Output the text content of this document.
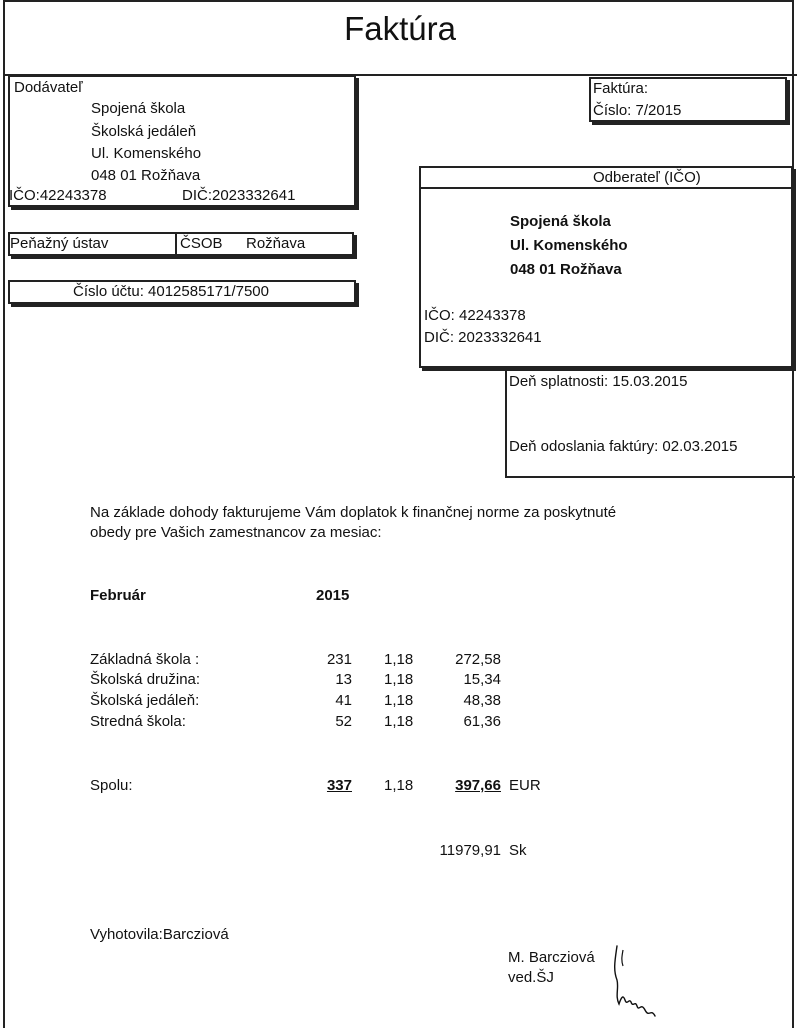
Faktúra
Dodávateľ
Spojená škola
Školská jedáleň
Ul. Komenského
048 01 Rožňava
IČO:42243378	DIČ:2023332641
Peňažný ústav	ČSOB Rožňava
Číslo účtu: 4012585171/7500
Faktúra:
Číslo: 7/2015
Odberateľ (IČO)
Spojená škola
Ul. Komenského
048 01 Rožňava
IČO: 42243378
DIČ: 2023332641
Deň splatnosti: 15.03.2015
Deň odoslania faktúry: 02.03.2015
Na základe dohody fakturujeme Vám doplatok k finančnej norme za poskytnuté
obedy pre Vašich zamestnancov za mesiac:
Február	2015
Základná škola :	231 1,18	272,58
Školská družina:	13 1,18	15,34
Školská jedáleň:	41 1,18	48,38
Stredná škola:	52 1,18	61,36
Spolu:	337 1,18	397,66 EUR
11979,91 Sk
Vyhotovila:Barcziová
M. Barcziová
ved.ŠJ
